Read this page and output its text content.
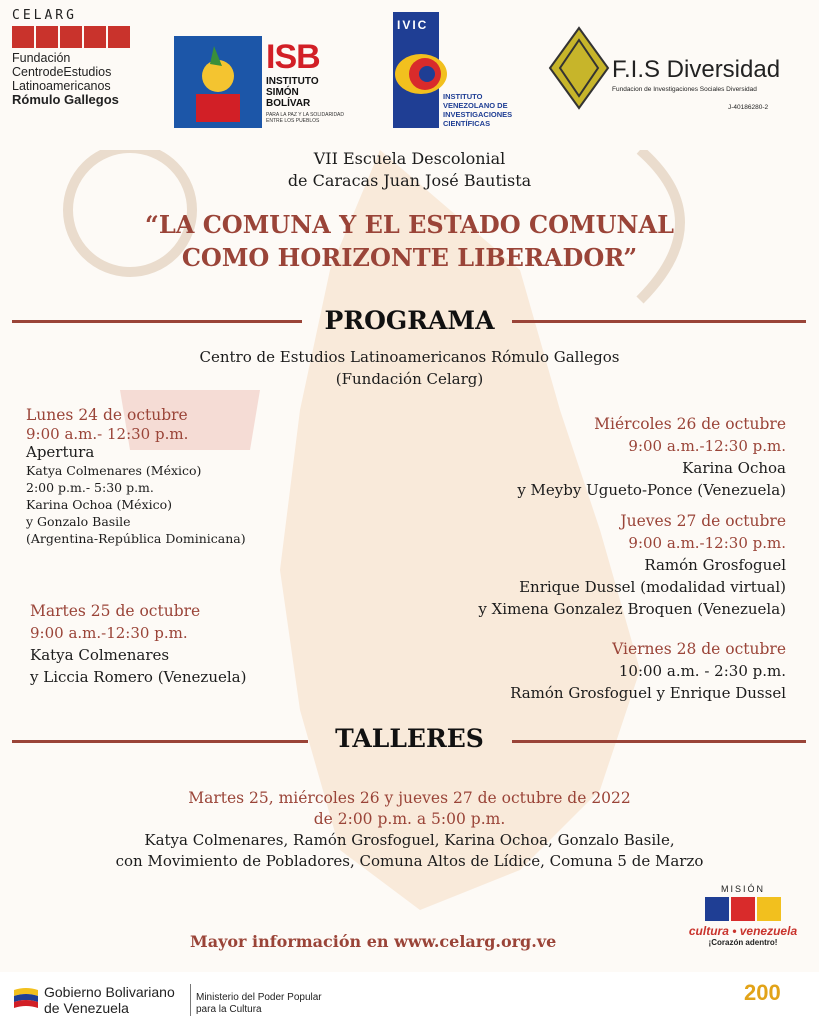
CELARG
Fundación
CentrodeEstudios
Latinoamericanos
Rómulo Gallegos
ISB
INSTITUTO SIMÓN BOLÍVAR
PARA LA PAZ Y LA SOLIDARIDAD ENTRE LOS PUEBLOS
IVIC
INSTITUTO VENEZOLANO DE INVESTIGACIONES CIENTÍFICAS
F.I.S Diversidad
Fundacion de Investigaciones Sociales Diversidad
J-40186280-2
VII Escuela Descolonial
de Caracas Juan José Bautista
“LA COMUNA Y EL ESTADO COMUNAL
COMO HORIZONTE LIBERADOR”
PROGRAMA
Centro de Estudios Latinoamericanos Rómulo Gallegos
(Fundación Celarg)
Lunes 24 de octubre
9:00 a.m.- 12:30 p.m.
Apertura
Katya Colmenares (México)
2:00 p.m.- 5:30 p.m.
Karina Ochoa (México)
y Gonzalo Basile
(Argentina-República Dominicana)
Martes 25 de octubre
9:00 a.m.-12:30 p.m.
Katya Colmenares
y Liccia Romero (Venezuela)
Miércoles 26 de octubre
9:00 a.m.-12:30 p.m.
Karina Ochoa
y Meyby Ugueto-Ponce (Venezuela)
Jueves 27 de octubre
9:00 a.m.-12:30 p.m.
Ramón Grosfoguel
Enrique Dussel (modalidad virtual)
y Ximena Gonzalez Broquen (Venezuela)
Viernes 28 de octubre
10:00 a.m. - 2:30 p.m.
Ramón Grosfoguel y Enrique Dussel
TALLERES
Martes 25, miércoles 26 y jueves 27 de octubre de 2022
de 2:00 p.m. a 5:00 p.m.
Katya Colmenares, Ramón Grosfoguel, Karina Ochoa, Gonzalo Basile,
con Movimiento de Pobladores, Comuna Altos de Lídice, Comuna 5 de Marzo
Mayor información en www.celarg.org.ve
MISIÓN
cultura • venezuela
¡Corazón adentro!
Gobierno Bolivariano
de Venezuela
Ministerio del Poder Popular
para la Cultura
200
